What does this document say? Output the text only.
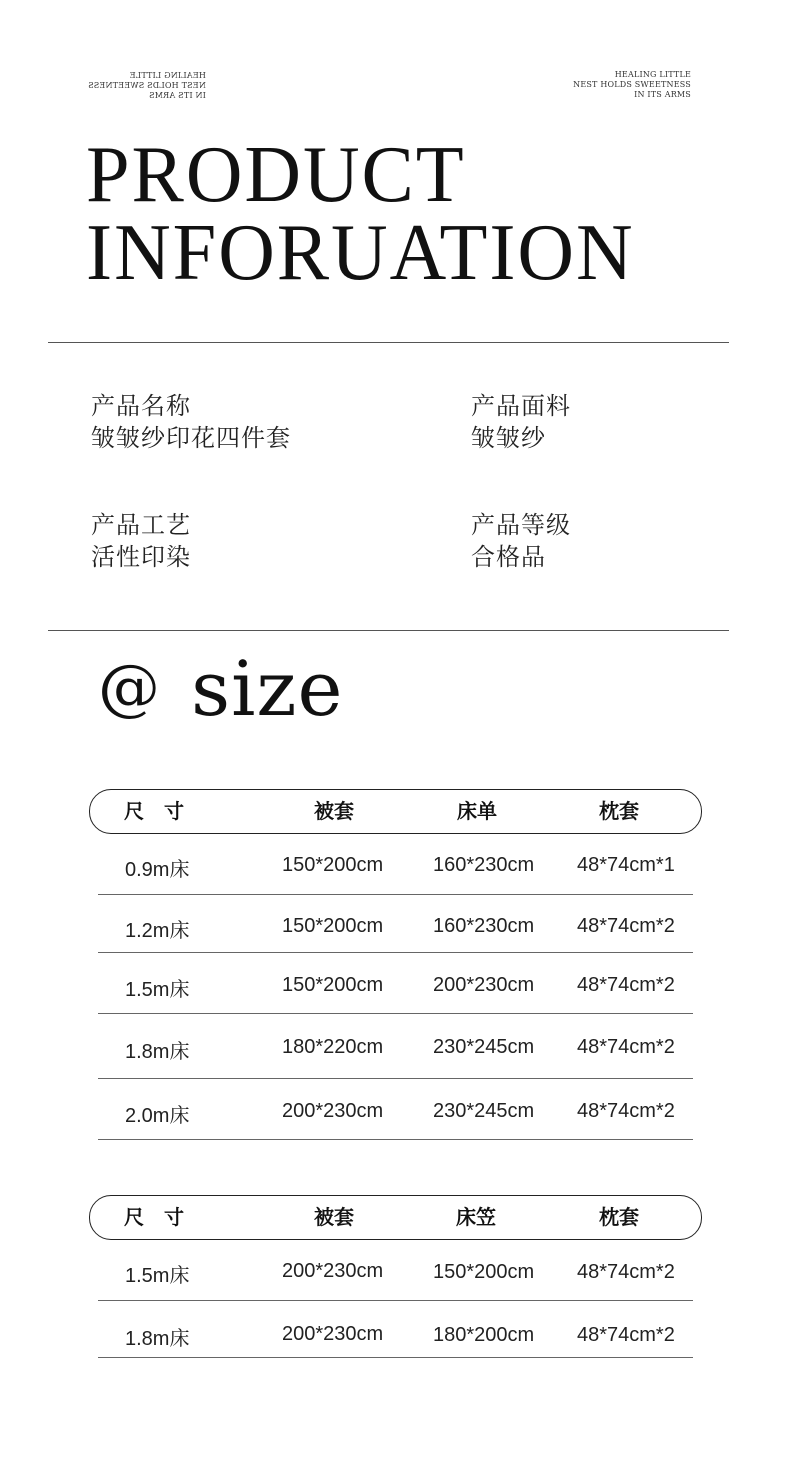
HEALING LITTLE
NEST HOLDS SWEETNESS
IN ITS ARMS
HEALING LITTLE
NEST HOLDS SWEETNESS
IN ITS ARMS
PRODUCT
INFORUATION
产品名称
皱皱纱印花四件套
产品面料
皱皱纱
产品工艺
活性印染
产品等级
合格品
@ size
尺　寸	被套	床单	枕套
0.9m床	150*200cm 160*230cm 48*74cm*1
1.2m床	150*200cm 160*230cm 48*74cm*2
1.5m床	150*200cm 200*230cm 48*74cm*2
1.8m床	180*220cm 230*245cm 48*74cm*2
2.0m床	200*230cm 230*245cm 48*74cm*2
尺　寸	被套	床笠	枕套
1.5m床	200*230cm 150*200cm 48*74cm*2
1.8m床	200*230cm 180*200cm 48*74cm*2
